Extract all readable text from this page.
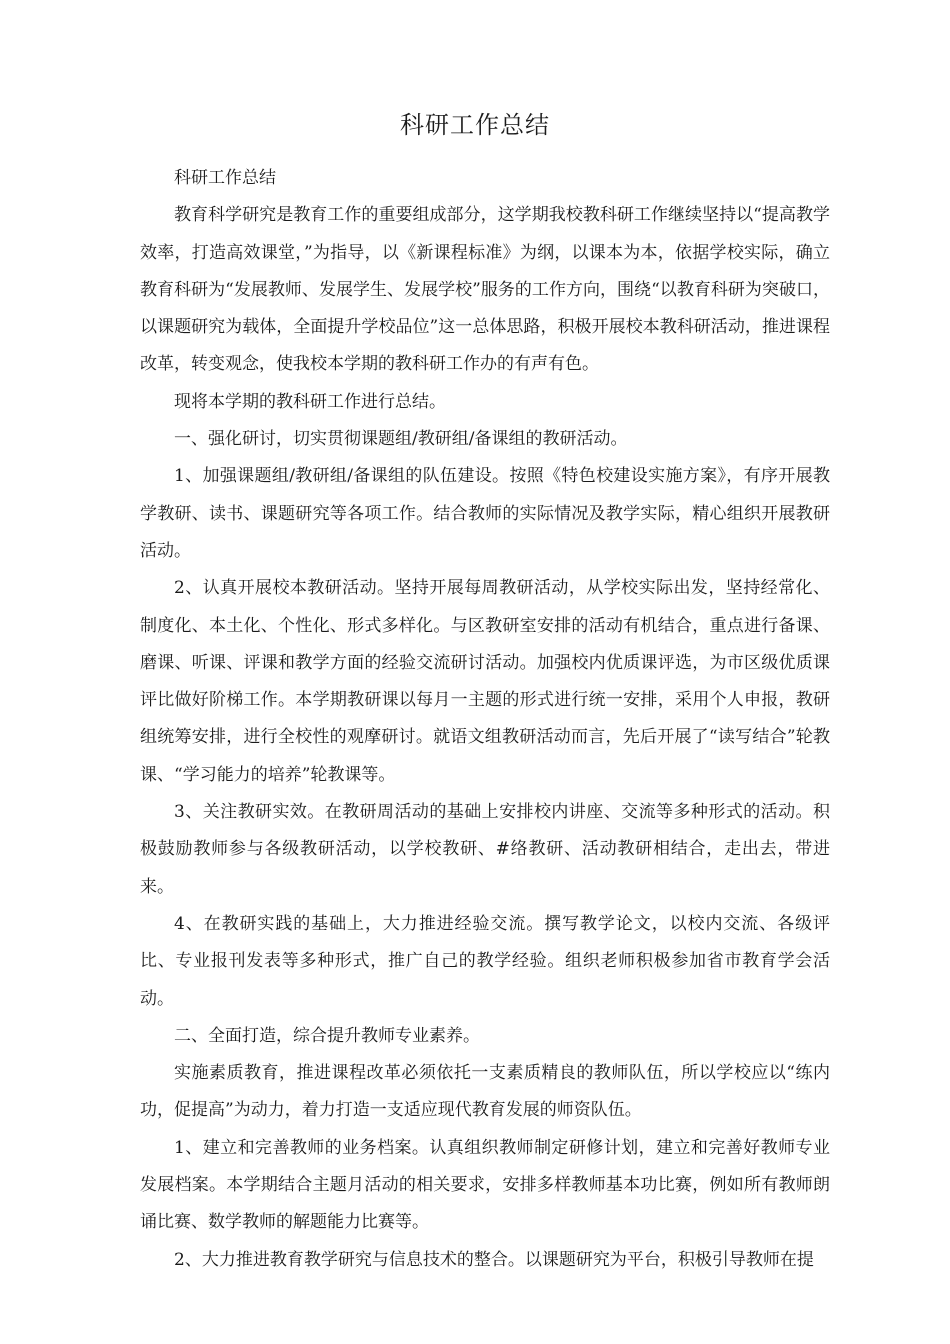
科研工作总结

科研工作总结

教育科学研究是教育工作的重要组成部分，这学期我校教科研工作继续坚持以“提高教学效率，打造高效课堂，”为指导，以《新课程标准》为纲，以课本为本，依据学校实际，确立教育科研为“发展教师、发展学生、发展学校”服务的工作方向，围绕“以教育科研为突破口，以课题研究为载体，全面提升学校品位”这一总体思路，积极开展校本教科研活动，推进课程改革，转变观念，使我校本学期的教科研工作办的有声有色。

现将本学期的教科研工作进行总结。

一、强化研讨，切实贯彻课题组/教研组/备课组的教研活动。

1、加强课题组/教研组/备课组的队伍建设。按照《特色校建设实施方案》，有序开展教学教研、读书、课题研究等各项工作。结合教师的实际情况及教学实际，精心组织开展教研活动。

2、认真开展校本教研活动。坚持开展每周教研活动，从学校实际出发，坚持经常化、制度化、本土化、个性化、形式多样化。与区教研室安排的活动有机结合，重点进行备课、磨课、听课、评课和教学方面的经验交流研讨活动。加强校内优质课评选，为市区级优质课评比做好阶梯工作。本学期教研课以每月一主题的形式进行统一安排，采用个人申报，教研组统筹安排，进行全校性的观摩研讨。就语文组教研活动而言，先后开展了“读写结合”轮教课、“学习能力的培养”轮教课等。

3、关注教研实效。在教研周活动的基础上安排校内讲座、交流等多种形式的活动。积极鼓励教师参与各级教研活动，以学校教研、#络教研、活动教研相结合，走出去，带进来。

4、在教研实践的基础上，大力推进经验交流。撰写教学论文，以校内交流、各级评比、专业报刊发表等多种形式，推广自己的教学经验。组织老师积极参加省市教育学会活动。

二、全面打造，综合提升教师专业素养。

实施素质教育，推进课程改革必须依托一支素质精良的教师队伍，所以学校应以“练内功，促提高”为动力，着力打造一支适应现代教育发展的师资队伍。

1、建立和完善教师的业务档案。认真组织教师制定研修计划，建立和完善好教师专业发展档案。本学期结合主题月活动的相关要求，安排多样教师基本功比赛，例如所有教师朗诵比赛、数学教师的解题能力比赛等。

2、大力推进教育教学研究与信息技术的整合。以课题研究为平台，积极引导教师在提
